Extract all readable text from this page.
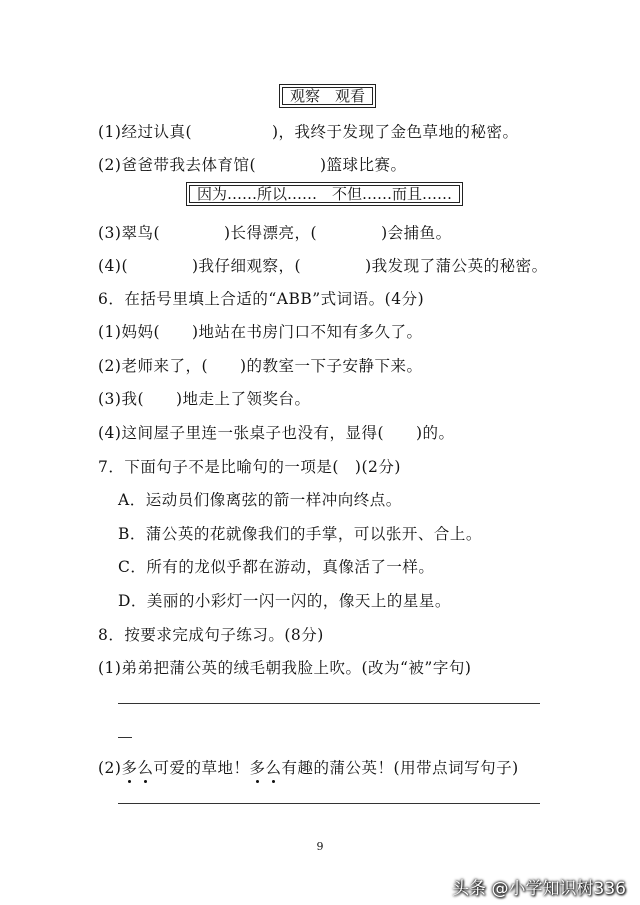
观察　观看
(1)经过认真(　　　　　)，我终于发现了金色草地的秘密。
(2)爸爸带我去体育馆(　　　　)篮球比赛。
因为……所以……　不但……而且……
(3)翠鸟(　　　　)长得漂亮，(　　　　)会捕鱼。
(4)(　　　　)我仔细观察，(　　　　)我发现了蒲公英的秘密。
6．在括号里填上合适的“ABB”式词语。(4分)
(1)妈妈(　　)地站在书房门口不知有多久了。
(2)老师来了，(　　)的教室一下子安静下来。
(3)我(　　)地走上了领奖台。
(4)这间屋子里连一张桌子也没有，显得(　　)的。
7．下面句子不是比喻句的一项是(　)(2分)
A．运动员们像离弦的箭一样冲向终点。
B．蒲公英的花就像我们的手掌，可以张开、合上。
C．所有的龙似乎都在游动，真像活了一样。
D．美丽的小彩灯一闪一闪的，像天上的星星。
8．按要求完成句子练习。(8分)
(1)弟弟把蒲公英的绒毛朝我脸上吹。(改为“被”字句)
(2)多么可爱的草地！多么有趣的蒲公英！(用带点词写句子)
9
头条 @小学知识树336
